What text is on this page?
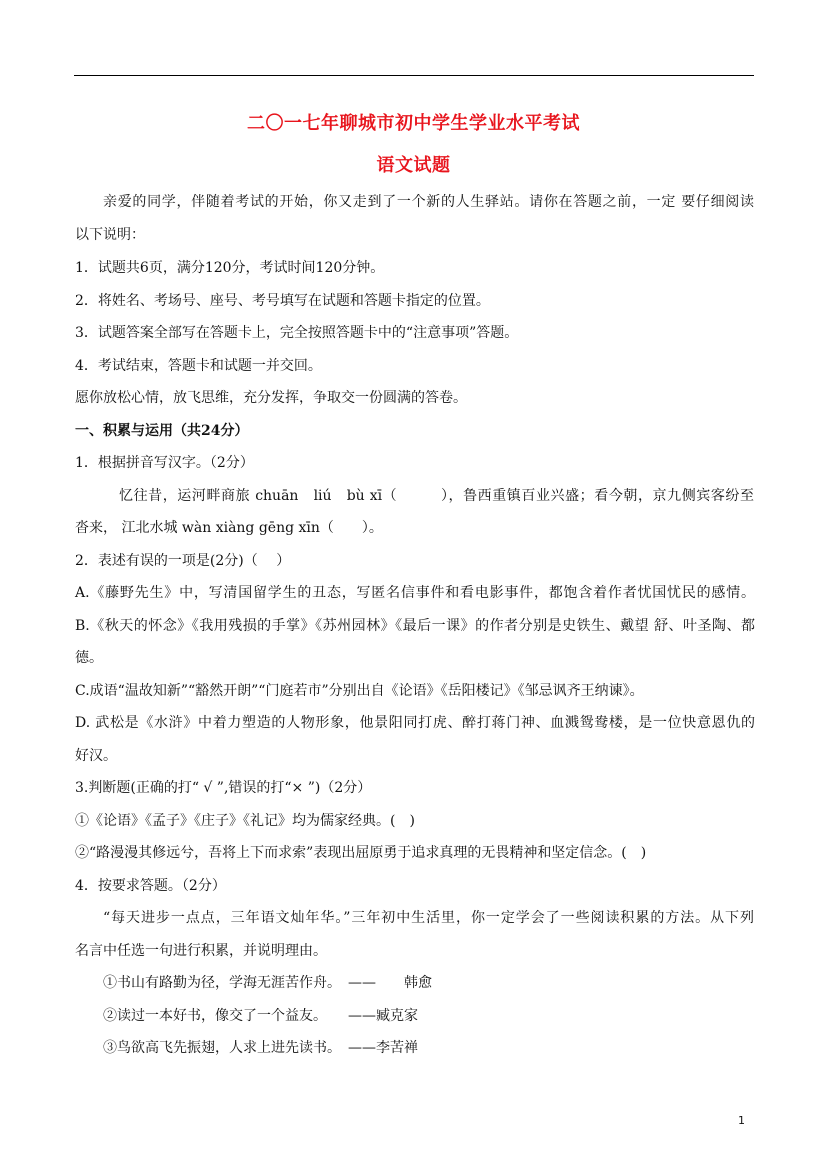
二〇一七年聊城市初中学生学业水平考试
语文试题
亲爱的同学，伴随着考试的开始，你又走到了一个新的人生驿站。请你在答题之前，一定 要仔细阅读
以下说明：
1．试题共6页，满分120分，考试时间120分钟。
2．将姓名、考场号、座号、考号填写在试题和答题卡指定的位置。
3．试题答案全部写在答题卡上，完全按照答题卡中的“注意事项”答题。
4．考试结束，答题卡和试题一并交回。
愿你放松心情，放飞思维，充分发挥，争取交一份圆满的答卷。
一、积累与运用（共24分）
1．根据拼音写汉字。（2分）
忆往昔，运河畔商旅 chuān　liú　bù xī（　　　），鲁西重镇百业兴盛；看今朝，京九侧宾客纷至
沓来， 江北水城 wàn xiàng gēng xīn（　　）。
2．表述有误的一项是(2分)（　 ）
A.《藤野先生》中，写清国留学生的丑态，写匿名信事件和看电影事件，都饱含着作者忧国忧民的感情。
B.《秋天的怀念》《我用残损的手掌》《苏州园林》《最后一课》的作者分别是史铁生、戴望 舒、叶圣陶、都
德。
C.成语“温故知新”“豁然开朗”“门庭若市”分别出自《论语》《岳阳楼记》《邹忌讽齐王纳谏》。
D. 武松是《水浒》中着力塑造的人物形象，他景阳同打虎、醉打蒋门神、血溅鸳鸯楼，是一位快意恩仇的
好汉。
3.判断题(正确的打“ √ ”,错误的打“× ”)（2分）
①《论语》《孟子》《庄子》《礼记》均为儒家经典。(　)
②“路漫漫其修远兮，吾将上下而求索”表现出屈原勇于追求真理的无畏精神和坚定信念。(　)
4．按要求答题。（2分）
“每天进步一点点，三年语文灿年华。”三年初中生活里，你一定学会了一些阅读积累的方法。从下列
名言中任选一句进行积累，并说明理由。
①书山有路勤为径，学海无涯苦作舟。　——　　韩愈
②读过一本好书，像交了一个益友。　　——臧克家
③鸟欲高飞先振翅，人求上进先读书。　——李苦禅
1
